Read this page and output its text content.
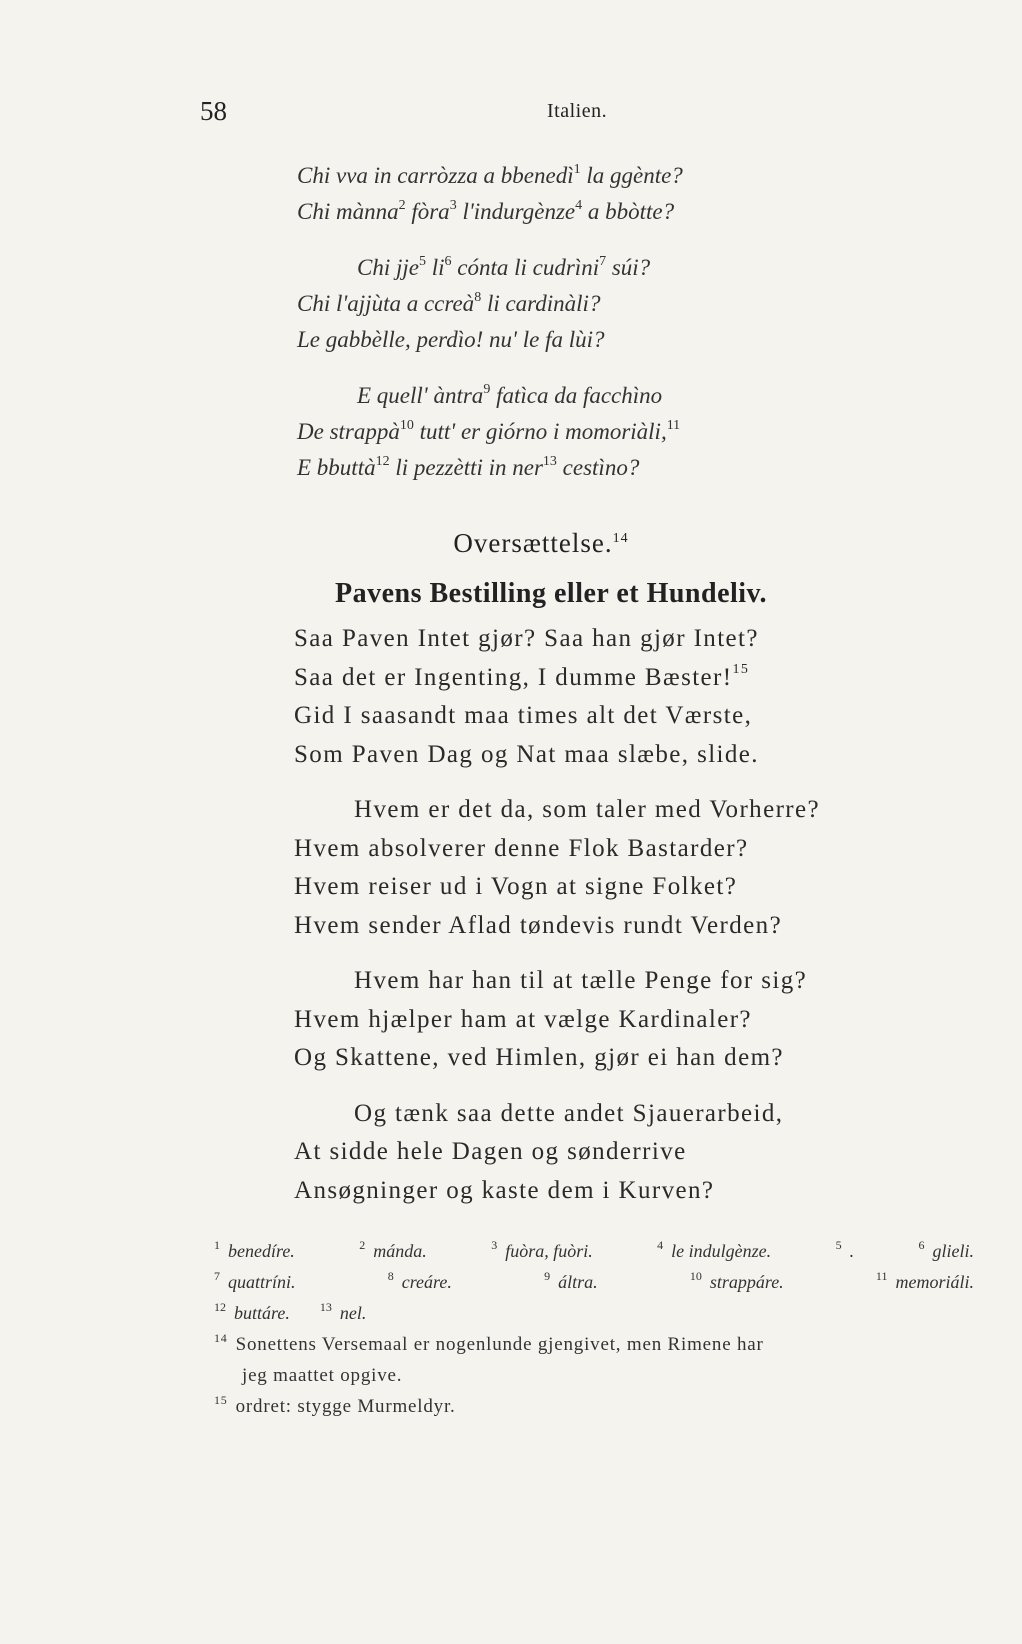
58	Italien.
Chi vva in carròzza a bbenedì$^1$ la ggènte?
Chi mànna$^2$ fòra$^3$ l'indurgènze$^4$ a bbòtte?
Chi jje$^5$ $li^6$ cónta li cudrìni$^7$ súi?
Chi l'ajjùta a ccreà$^8$ li cardinàli?
Le gabbèlle, perdìo! nu' le fa lùi?
E quell' àntra$^9$ fatìca da facchìno
De strappà$^{10}$ tutt' er giórno i momoriàli,$^{11}$
E bbuttà$^{12}$ li pezzètti in ner$^{13}$ cestìno?
Oversættelse.$^{14}$
Pavens Bestilling eller et Hundeliv.
Saa Paven Intet gjør? Saa han gjør Intet?
Saa det er Ingenting, I dumme Bæster!$^{15}$
Gid I saasandt maa times alt det Værste,
Som Paven Dag og Nat maa slæbe, slide.
Hvem er det da, som taler med Vorherre?
Hvem absolverer denne Flok Bastarder?
Hvem reiser ud i Vogn at signe Folket?
Hvem sender Aflad tøndevis rundt Verden?
Hvem har han til at tælle Penge for sig?
Hvem hjælper ham at vælge Kardinaler?
Og Skattene, ved Himlen, gjør ei han dem?
Og tænk saa dette andet Sjauerarbeid,
At sidde hele Dagen og sønderrive
Ansøgninger og kaste dem i Kurven?
$^1$ benedíre.	$^2$ mánda.	$^3$ fuòra, fuòri.	$^4$ le indulgènze.	$^5$ .	$^6$ glieli.
$^7$ quattríni.	$^8$ creáre.	$^9$ áltra.	$^{10}$ strappáre.	$^{11}$ memoriáli.
$^{12}$ buttáre.	$^{13}$ nel.
$^{14}$ Sonettens Versemaal er nogenlunde gjengivet, men Rimene har
jeg maattet opgive.
$^{15}$ ordret: stygge Murmeldyr.
